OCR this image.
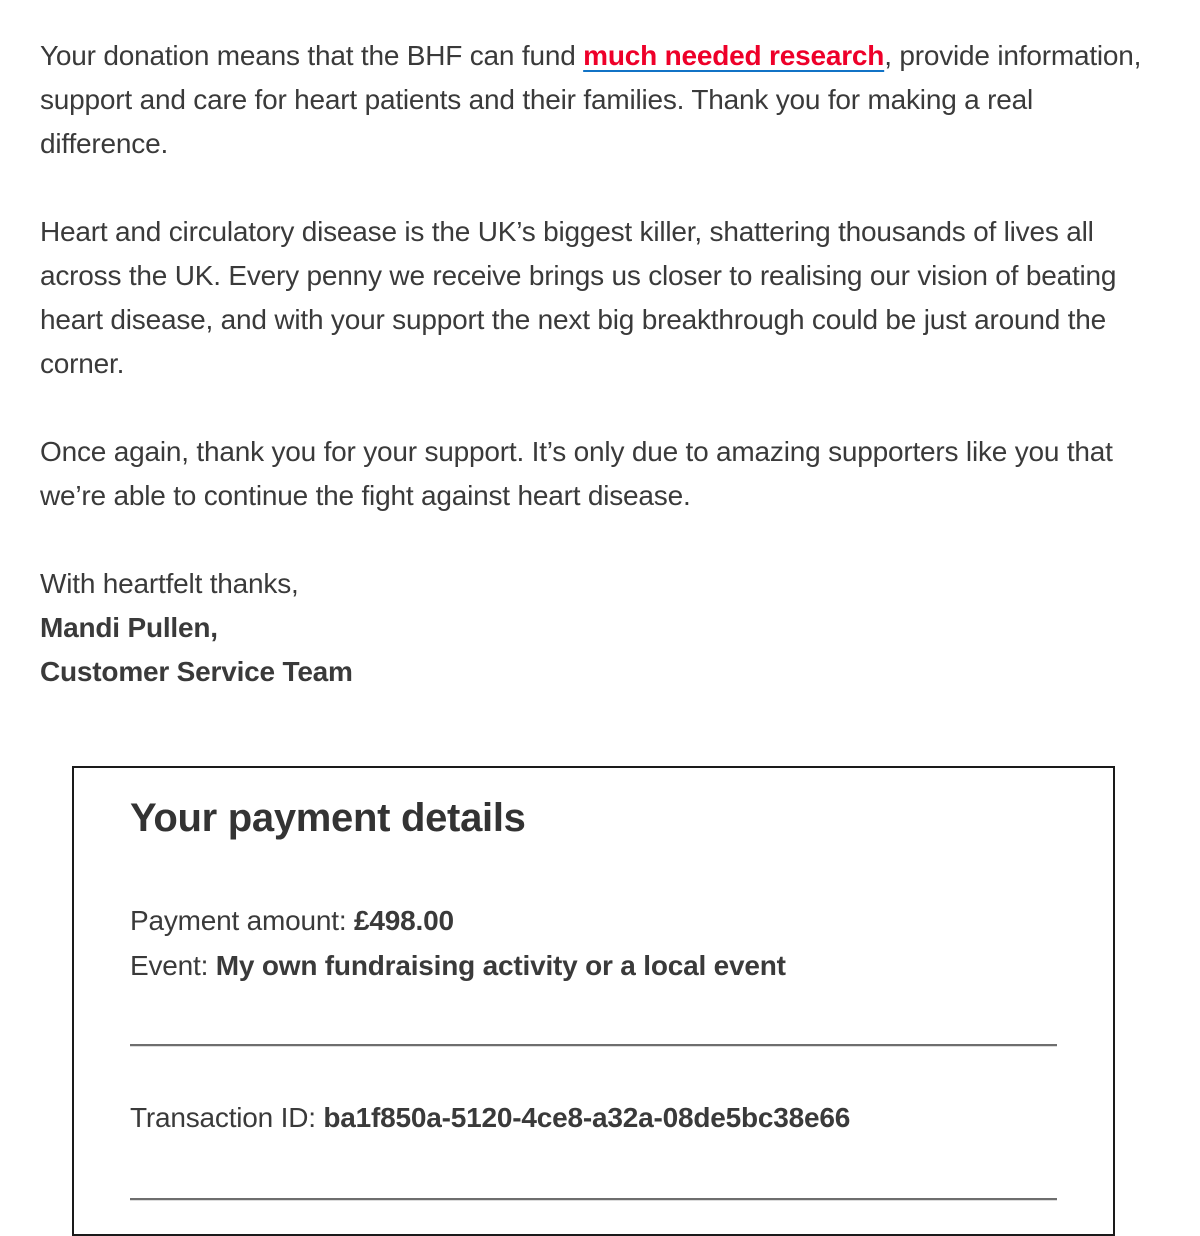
Your donation means that the BHF can fund much needed research, provide information, support and care for heart patients and their families. Thank you for making a real difference.

Heart and circulatory disease is the UK’s biggest killer, shattering thousands of lives all across the UK. Every penny we receive brings us closer to realising our vision of beating heart disease, and with your support the next big breakthrough could be just around the corner.

Once again, thank you for your support. It’s only due to amazing supporters like you that we’re able to continue the fight against heart disease.

With heartfelt thanks,
Mandi Pullen,
Customer Service Team

Your payment details

Payment amount: £498.00
Event: My own fundraising activity or a local event

Transaction ID: ba1f850a-5120-4ce8-a32a-08de5bc38e66
